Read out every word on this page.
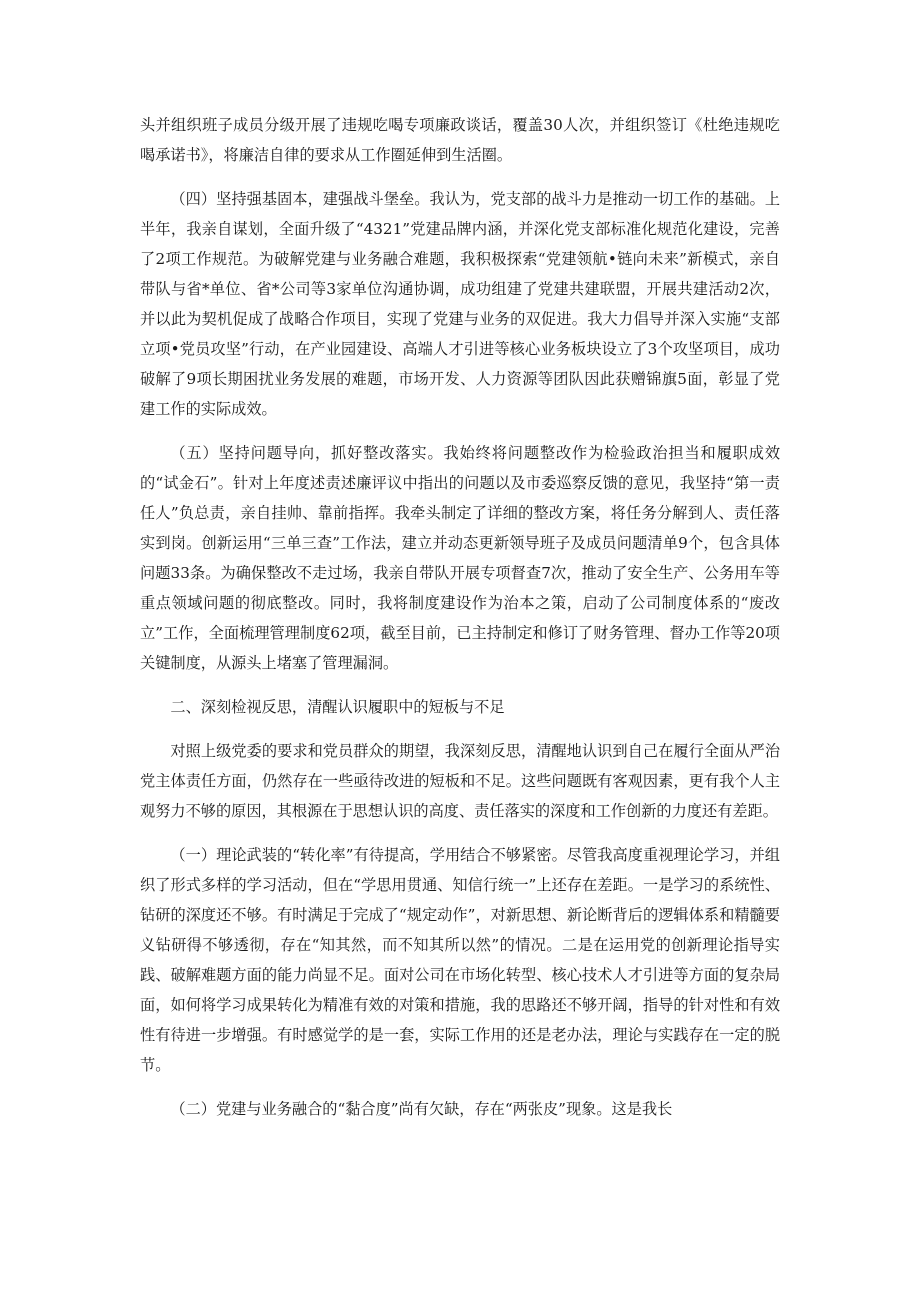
头并组织班子成员分级开展了违规吃喝专项廉政谈话，覆盖30人次，并组织签订《杜绝违规吃喝承诺书》，将廉洁自律的要求从工作圈延伸到生活圈。

（四）坚持强基固本，建强战斗堡垒。我认为，党支部的战斗力是推动一切工作的基础。上半年，我亲自谋划，全面升级了“4321”党建品牌内涵，并深化党支部标准化规范化建设，完善了2项工作规范。为破解党建与业务融合难题，我积极探索“党建领航•链向未来”新模式，亲自带队与省*单位、省*公司等3家单位沟通协调，成功组建了党建共建联盟，开展共建活动2次，并以此为契机促成了战略合作项目，实现了党建与业务的双促进。我大力倡导并深入实施“支部立项•党员攻坚”行动，在产业园建设、高端人才引进等核心业务板块设立了3个攻坚项目，成功破解了9项长期困扰业务发展的难题，市场开发、人力资源等团队因此获赠锦旗5面，彰显了党建工作的实际成效。

（五）坚持问题导向，抓好整改落实。我始终将问题整改作为检验政治担当和履职成效的“试金石”。针对上年度述责述廉评议中指出的问题以及市委巡察反馈的意见，我坚持“第一责任人”负总责，亲自挂帅、靠前指挥。我牵头制定了详细的整改方案，将任务分解到人、责任落实到岗。创新运用“三单三查”工作法，建立并动态更新领导班子及成员问题清单9个，包含具体问题33条。为确保整改不走过场，我亲自带队开展专项督查7次，推动了安全生产、公务用车等重点领域问题的彻底整改。同时，我将制度建设作为治本之策，启动了公司制度体系的“废改立”工作，全面梳理管理制度62项，截至目前，已主持制定和修订了财务管理、督办工作等20项关键制度，从源头上堵塞了管理漏洞。

二、深刻检视反思，清醒认识履职中的短板与不足

对照上级党委的要求和党员群众的期望，我深刻反思，清醒地认识到自己在履行全面从严治党主体责任方面，仍然存在一些亟待改进的短板和不足。这些问题既有客观因素，更有我个人主观努力不够的原因，其根源在于思想认识的高度、责任落实的深度和工作创新的力度还有差距。

（一）理论武装的“转化率”有待提高，学用结合不够紧密。尽管我高度重视理论学习，并组织了形式多样的学习活动，但在“学思用贯通、知信行统一”上还存在差距。一是学习的系统性、钻研的深度还不够。有时满足于完成了“规定动作”，对新思想、新论断背后的逻辑体系和精髓要义钻研得不够透彻，存在“知其然，而不知其所以然”的情况。二是在运用党的创新理论指导实践、破解难题方面的能力尚显不足。面对公司在市场化转型、核心技术人才引进等方面的复杂局面，如何将学习成果转化为精准有效的对策和措施，我的思路还不够开阔，指导的针对性和有效性有待进一步增强。有时感觉学的是一套，实际工作用的还是老办法，理论与实践存在一定的脱节。

（二）党建与业务融合的“黏合度”尚有欠缺，存在“两张皮”现象。这是我长
